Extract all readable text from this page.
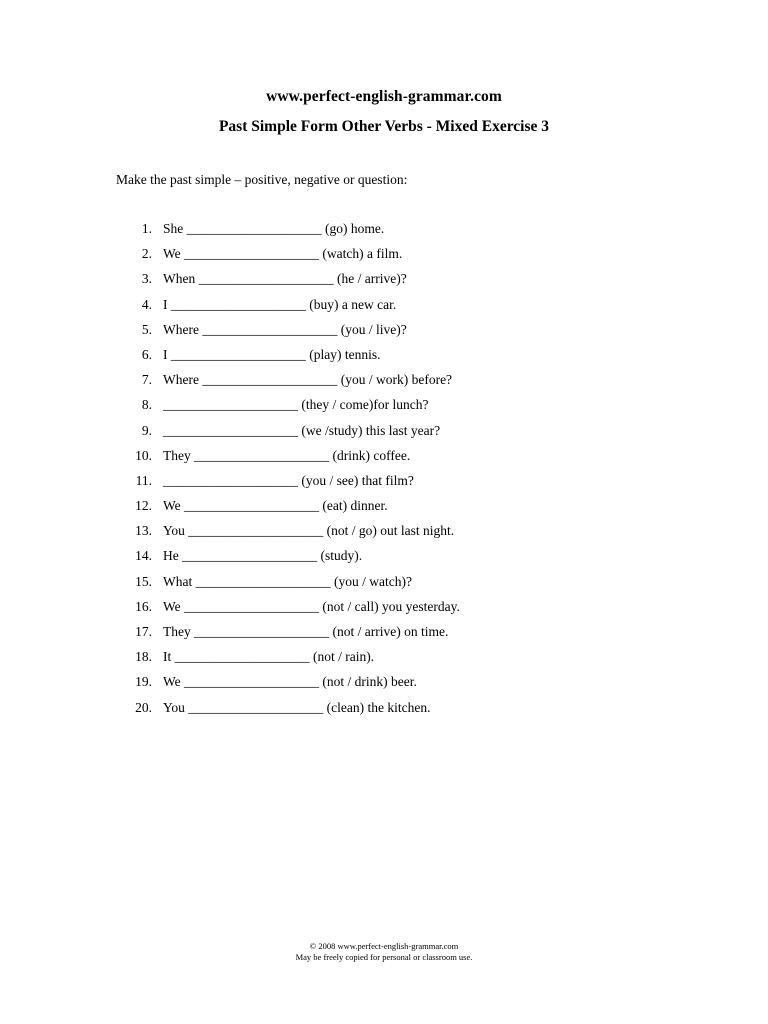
www.perfect-english-grammar.com
Past Simple Form Other Verbs - Mixed Exercise 3
Make the past simple – positive, negative or question:
1. She ____________________ (go) home.
2. We ____________________ (watch) a film.
3. When ____________________ (he / arrive)?
4. I ____________________ (buy) a new car.
5. Where ____________________ (you / live)?
6. I ____________________ (play) tennis.
7. Where ____________________ (you / work) before?
8. ____________________ (they / come)for lunch?
9. ____________________ (we /study) this last year?
10. They ____________________ (drink) coffee.
11. ____________________ (you / see) that film?
12. We ____________________ (eat) dinner.
13. You ____________________ (not / go) out last night.
14. He ____________________ (study).
15. What ____________________ (you / watch)?
16. We ____________________ (not / call) you yesterday.
17. They ____________________ (not / arrive) on time.
18. It ____________________ (not / rain).
19. We ____________________ (not / drink) beer.
20. You ____________________ (clean) the kitchen.
© 2008 www.perfect-english-grammar.com
May be freely copied for personal or classroom use.
